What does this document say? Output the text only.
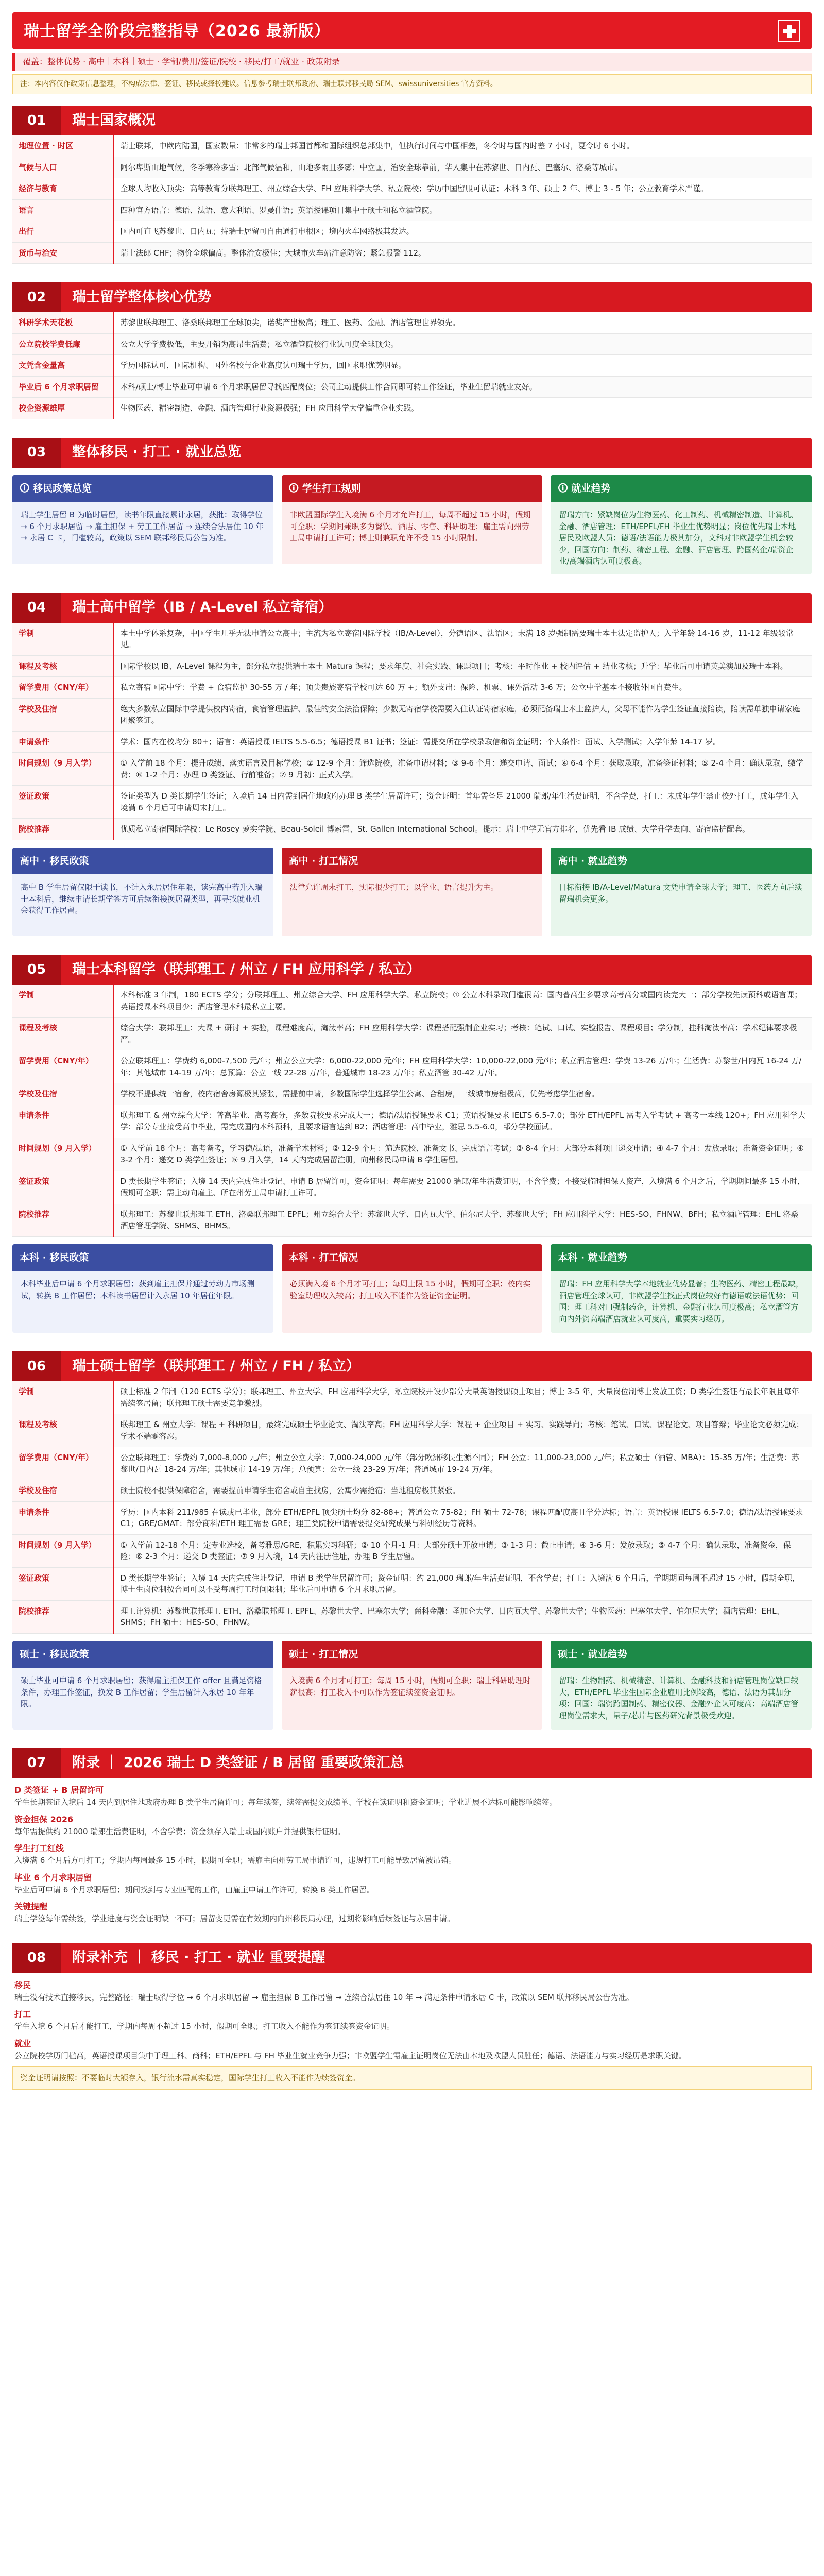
瑞士留学全阶段完整指导（2026 最新版）
覆盖：整体优势 · 高中｜本科｜硕士 · 学制/费用/签证/院校 · 移民/打工/就业 · 政策附录
注：本内容仅作政策信息整理，不构成法律、签证、移民或择校建议。信息参考瑞士联邦政府、瑞士联邦移民局 SEM、swissuniversities 官方资料。
01	瑞士国家概况
地理位置 · 时区	瑞士联邦，中欧内陆国，国家数量：非常多的瑞士邦国首都和国际组织总部集中，但执行时间与中国相差，冬令时与国内时差 7 小时，夏令时 6 小时。
气候与人口	阿尔卑斯山地气候，冬季寒冷多雪；北部气候温和，山地多雨且多雾；中立国，治安全球靠前，华人集中在苏黎世、日内瓦、巴塞尔、洛桑等城市。
经济与教育	全球人均收入顶尖；高等教育分联邦理工、州立综合大学、FH 应用科学大学、私立院校；学历中国留服可认证；本科 3 年、硕士 2 年、博士 3 - 5 年；公立教育学术严谨。
语言	四种官方语言：德语、法语、意大利语、罗曼什语；英语授课项目集中于硕士和私立酒管院。
出行	国内可直飞苏黎世、日内瓦；持瑞士居留可自由通行申根区；境内火车网络极其发达。
货币与治安	瑞士法郎 CHF；物价全球偏高。整体治安极佳；大城市火车站注意防盗；紧急报警 112。
02	瑞士留学整体核心优势
科研学术天花板	苏黎世联邦理工、洛桑联邦理工全球顶尖，诺奖产出极高；理工、医药、金融、酒店管理世界领先。
公立院校学费低廉	公立大学学费极低，主要开销为高昂生活费；私立酒管院校行业认可度全球顶尖。
文凭含金量高	学历国际认可，国际机构、国外名校与企业高度认可瑞士学历，回国求职优势明显。
毕业后 6 个月求职居留	本科/硕士/博士毕业可申请 6 个月求职居留寻找匹配岗位；公司主动提供工作合同即可转工作签证，毕业生留瑞就业友好。
校企资源雄厚	生物医药、精密制造、金融、酒店管理行业资源极强；FH 应用科学大学偏重企业实践。
03	整体移民 · 打工 · 就业总览
🛈 移民政策总览
瑞士学生居留 B 为临时居留，读书年限直接累计永居，获批：取得学位 → 6 个月求职居留 → 雇主担保 + 劳工工作居留 → 连续合法居住 10 年 → 永居 C 卡，门槛较高，政策以 SEM 联邦移民局公告为准。
🛈 学生打工规则
非欧盟国际学生入境满 6 个月才允许打工，每周不超过 15 小时，假期可全职；学期间兼职多为餐饮、酒店、零售、科研助理；雇主需向州劳工局申请打工许可；博士则兼职允许不受 15 小时限制。
🛈 就业趋势
留瑞方向：紧缺岗位为生物医药、化工制药、机械精密制造、计算机、金融、酒店管理；ETH/EPFL/FH 毕业生优势明显；岗位优先瑞士本地居民及欧盟人员；德语/法语能力极其加分，文科对非欧盟学生机会较少，回国方向：制药、精密工程、金融、酒店管理、跨国药企/瑞资企业/高端酒店认可度极高。
04	瑞士高中留学（IB / A-Level 私立寄宿）
学制	本土中学体系复杂，中国学生几乎无法申请公立高中；主流为私立寄宿国际学校（IB/A-Level），分德语区、法语区；未满 18 岁强制需要瑞士本土法定监护人；入学年龄 14-16 岁，11-12 年级较常见。
课程及考核	国际学校以 IB、A-Level 课程为主，部分私立提供瑞士本土 Matura 课程；要求年度、社会实践、课题项目；考核：平时作业 + 校内评估 + 结业考核；升学：毕业后可申请英美澳加及瑞士本科。
留学费用（CNY/年）	私立寄宿国际中学：学费 + 食宿监护 30-55 万 / 年；顶尖贵族寄宿学校可达 60 万 +；额外支出：保险、机票、课外活动 3-6 万；公立中学基本不接收外国自费生。
学校及住宿	绝大多数私立国际中学提供校内寄宿，食宿管理监护、最佳的安全法治保障；少数无寄宿学校需要入住认证寄宿家庭，必须配备瑞士本土监护人，父母不能作为学生签证直接陪读，陪读需单独申请家庭团聚签证。
申请条件	学术：国内在校均分 80+；语言：英语授课 IELTS 5.5-6.5；德语授课 B1 证书；签证：需提交所在学校录取信和资金证明；个人条件：面试、入学测试；入学年龄 14-17 岁。
时间规划（9 月入学）	① 入学前 18 个月：提升成绩、落实语言及目标学校；② 12-9 个月：筛选院校，准备申请材料；③ 9-6 个月：递交申请、面试；④ 6-4 个月：获取录取，准备签证材料；⑤ 2-4 个月：确认录取，缴学费；⑥ 1-2 个月：办理 D 类签证、行前准备；⑦ 9 月初：正式入学。
签证政策	签证类型为 D 类长期学生签证；入境后 14 日内需到居住地政府办理 B 类学生居留许可；资金证明：首年需备足 21000 瑞郎/年生活费证明，不含学费，打工：未成年学生禁止校外打工，成年学生入境满 6 个月后可申请周末打工。
院校推荐	优质私立寄宿国际学校：Le Rosey 萝实学院、Beau-Soleil 博索雷、St. Gallen International School。提示：瑞士中学无官方排名，优先看 IB 成绩、大学升学去向、寄宿监护配套。
高中 · 移民政策
高中 B 学生居留仅限于读书，不计入永居居住年限，读完高中若升入瑞士本科后，继续申请长期学签方可后续衔接换居留类型，再寻找就业机会获得工作居留。
高中 · 打工情况
法律允许周末打工，实际很少打工；以学业、语言提升为主。
高中 · 就业趋势
目标衔接 IB/A-Level/Matura 文凭申请全球大学；理工、医药方向后续留瑞机会更多。
05	瑞士本科留学（联邦理工 / 州立 / FH 应用科学 / 私立）
学制	本科标准 3 年制，180 ECTS 学分；分联邦理工、州立综合大学、FH 应用科学大学、私立院校；① 公立本科录取门槛很高：国内普高生多要求高考高分或国内读完大一；部分学校先读预科或语言课；英语授课本科项目少；酒店管理本科最私立主要。
课程及考核	综合大学：联邦理工：大课 + 研讨 + 实验，课程难度高，淘汰率高；FH 应用科学大学：课程搭配强制企业实习；考核：笔试、口试、实验报告、课程项目；学分制，挂科淘汰率高；学术纪律要求极严。
留学费用（CNY/年）	公立联邦理工：学费约 6,000-7,500 元/年；州立公立大学：6,000-22,000 元/年；FH 应用科学大学：10,000-22,000 元/年；私立酒店管理：学费 13-26 万/年；生活费：苏黎世/日内瓦 16-24 万/年；其他城市 14-19 万/年；总预算：公立一线 22-28 万/年，普通城市 18-23 万/年；私立酒管 30-42 万/年。
学校及住宿	学校不提供统一宿舍，校内宿舍房源极其紧张，需提前申请，多数国际学生选择学生公寓、合租房，一线城市房租极高，优先考虑学生宿舍。
申请条件	联邦理工 & 州立综合大学：普高毕业、高考高分，多数院校要求完成大一；德语/法语授课要求 C1；英语授课要求 IELTS 6.5-7.0；部分 ETH/EPFL 需考入学考试 + 高考一本线 120+；FH 应用科学大学：部分专业接受高中毕业，需完成国内本科预科，且要求语言达到 B2；酒店管理：高中毕业，雅思 5.5-6.0，部分学校面试。
时间规划（9 月入学）	① 入学前 18 个月：高考备考，学习德/法语，准备学术材料；② 12-9 个月：筛选院校、准备文书、完成语言考试；③ 8-4 个月：大部分本科项目递交申请；④ 4-7 个月：发放录取；准备资金证明；④ 3-2 个月：递交 D 类学生签证；⑤ 9 月入学，14 天内完成居留注册，向州移民局申请 B 学生居留。
签证政策	D 类长期学生签证；入境 14 天内完成住址登记、申请 B 居留许可，资金证明：每年需要 21000 瑞郎/年生活费证明，不含学费；不接受临时担保人资产，入境满 6 个月之后，学期期间最多 15 小时，假期可全职；需主动向雇主、所在州劳工局申请打工许可。
院校推荐	联邦理工：苏黎世联邦理工 ETH、洛桑联邦理工 EPFL；州立综合大学：苏黎世大学、日内瓦大学、伯尔尼大学、苏黎世大学；FH 应用科学大学：HES-SO、FHNW、BFH；私立酒店管理：EHL 洛桑酒店管理学院、SHMS、BHMS。
本科 · 移民政策
本科毕业后申请 6 个月求职居留；获到雇主担保并通过劳动力市场测试，转换 B 工作居留；本科读书居留计入永居 10 年居住年限。
本科 · 打工情况
必须满入境 6 个月才可打工；每周上限 15 小时，假期可全职；校内实验室助理收入较高；打工收入不能作为签证资金证明。
本科 · 就业趋势
留瑞：FH 应用科学大学本地就业优势显著；生物医药、精密工程最缺，酒店管理全球认可，非欧盟学生找正式岗位较好有德语或法语优势；回国：理工科对口强制药企，计算机、金融行业认可度极高；私立酒管方向内外资高端酒店就业认可度高，重要实习经历。
06	瑞士硕士留学（联邦理工 / 州立 / FH / 私立）
学制	硕士标准 2 年制（120 ECTS 学分）；联邦理工、州立大学、FH 应用科学大学，私立院校开设少部分大量英语授课硕士项目；博士 3-5 年，大量岗位制博士发放工资；D 类学生签证有最长年限且每年需续签居留；联邦理工硕士需要竞争激烈。
课程及考核	联邦理工 & 州立大学：课程 + 科研项目，最终完成硕士毕业论文、淘汰率高；FH 应用科学大学：课程 + 企业项目 + 实习、实践导向；考核：笔试、口试、课程论文、项目答辩；毕业论文必须完成；学术不端零容忍。
留学费用（CNY/年）	公立联邦理工：学费约 7,000-8,000 元/年；州立公立大学：7,000-24,000 元/年（部分欧洲移民生源不同）；FH 公立：11,000-23,000 元/年；私立硕士（酒管、MBA）：15-35 万/年；生活费：苏黎世/日内瓦 18-24 万/年；其他城市 14-19 万/年；总预算：公立一线 23-29 万/年；普通城市 19-24 万/年。
学校及住宿	硕士院校不提供保障宿舍，需要提前申请学生宿舍或自主找房，公寓少需抢宿；当地租房极其紧张。
申请条件	学历：国内本科 211/985 在读或已毕业，部分 ETH/EPFL 顶尖硕士均分 82-88+；普通公立 75-82；FH 硕士 72-78；课程匹配度高且学分达标；语言：英语授课 IELTS 6.5-7.0；德语/法语授课要求 C1；GRE/GMAT：部分商科/ETH 理工需要 GRE；理工类院校申请需要提交研究成果与科研经历等资料。
时间规划（9 月入学）	① 入学前 12-18 个月：定专业选校，备考雅思/GRE，积累实习科研；② 10 个月-1 月：大部分硕士开放申请；③ 1-3 月：截止申请；④ 3-6 月：发放录取；⑤ 4-7 个月：确认录取，准备资金，保险；⑥ 2-3 个月：递交 D 类签证；⑦ 9 月入境，14 天内注册住址，办理 B 学生居留。
签证政策	D 类长期学生签证；入境 14 天内完成住址登记，申请 B 类学生居留许可；资金证明：约 21,000 瑞郎/年生活费证明，不含学费；打工：入境满 6 个月后，学期期间每周不超过 15 小时，假期全职，博士生岗位制按合同可以不受每周打工时间限制；毕业后可申请 6 个月求职居留。
院校推荐	理工计算机：苏黎世联邦理工 ETH、洛桑联邦理工 EPFL、苏黎世大学、巴塞尔大学；商科金融：圣加仑大学、日内瓦大学、苏黎世大学；生物医药：巴塞尔大学、伯尔尼大学；酒店管理：EHL、SHMS；FH 硕士：HES-SO、FHNW。
硕士 · 移民政策
硕士毕业可申请 6 个月求职居留；获得雇主担保工作 offer 且满足资格条件，办理工作签证，换发 B 工作居留；学生居留计入永居 10 年年限。
硕士 · 打工情况
入境满 6 个月才可打工；每周 15 小时，假期可全职；瑞士科研助理时薪很高；打工收入不可以作为签证续签资金证明。
硕士 · 就业趋势
留瑞：生物制药、机械精密、计算机、金融科技和酒店管理岗位缺口较大，ETH/EPFL 毕业生国际企业雇用比例较高，德语、法语为其加分项；回国：瑞资跨国制药、精密仪器、金融外企认可度高；高端酒店管理岗位需求大，量子/芯片与医药研究背景极受欢迎。
07	附录 ｜ 2026 瑞士 D 类签证 / B 居留 重要政策汇总
D 类签证 + B 居留许可
学生长期签证入境后 14 天内到居住地政府办理 B 类学生居留许可；每年续签，续签需提交成绩单、学校在读证明和资金证明；学业进展不达标可能影响续签。
资金担保 2026
每年需提供约 21000 瑞郎生活费证明，不含学费；资金须存入瑞士或国内账户并提供银行证明。
学生打工红线
入境满 6 个月后方可打工；学期内每周最多 15 小时，假期可全职；需雇主向州劳工局申请许可，违规打工可能导致居留被吊销。
毕业 6 个月求职居留
毕业后可申请 6 个月求职居留；期间找到与专业匹配的工作，由雇主申请工作许可，转换 B 类工作居留。
关键提醒
瑞士学签每年需续签，学业进度与资金证明缺一不可；居留变更需在有效期内向州移民局办理，过期将影响后续签证与永居申请。
08	附录补充 ｜ 移民 · 打工 · 就业 重要提醒
移民
瑞士没有技术直接移民，完整路径：瑞士取得学位 → 6 个月求职居留 → 雇主担保 B 工作居留 → 连续合法居住 10 年 → 满足条件申请永居 C 卡，政策以 SEM 联邦移民局公告为准。
打工
学生入境 6 个月后才能打工，学期内每周不超过 15 小时，假期可全职；打工收入不能作为签证续签资金证明。
就业
公立院校学历门槛高，英语授课项目集中于理工科、商科；ETH/EPFL 与 FH 毕业生就业竞争力强；非欧盟学生需雇主证明岗位无法由本地及欧盟人员胜任；德语、法语能力与实习经历是求职关键。
资金证明请按照：不要临时大额存入，银行流水需真实稳定，国际学生打工收入不能作为续签资金。
